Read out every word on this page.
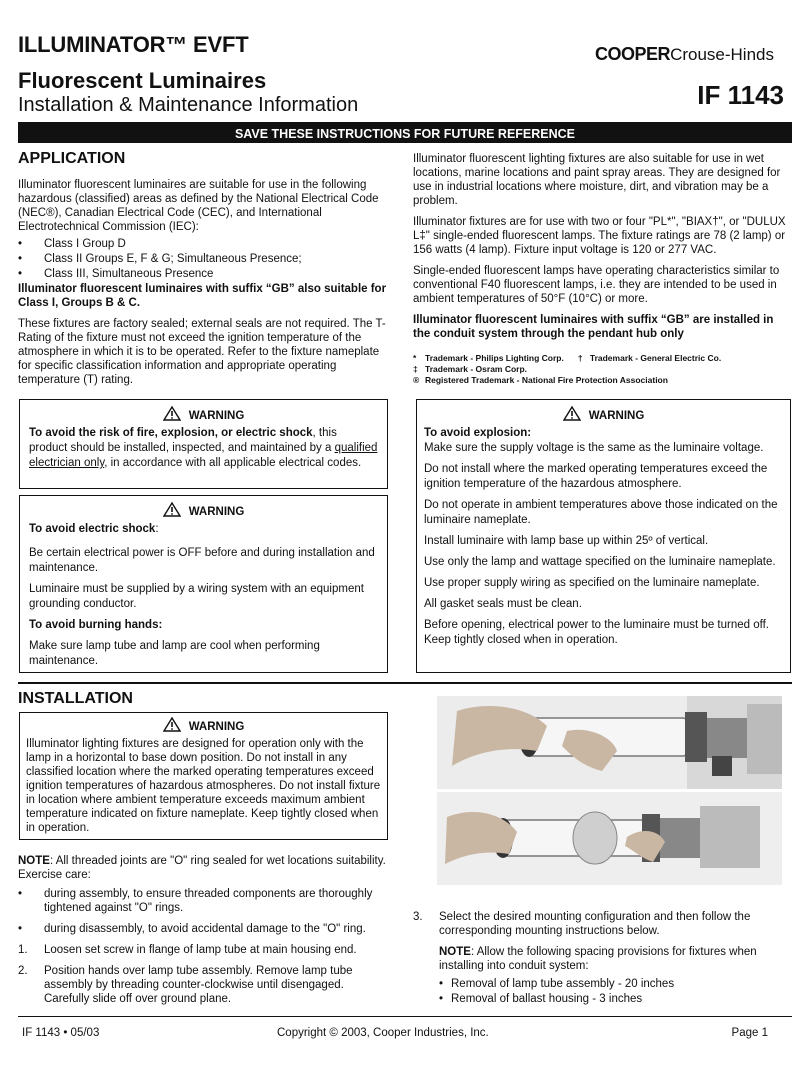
ILLUMINATOR™ EVFT
Fluorescent Luminaires
Installation & Maintenance Information
COOPERCrouse-Hinds
IF 1143
SAVE THESE INSTRUCTIONS FOR FUTURE REFERENCE
APPLICATION

Illuminator fluorescent luminaires are suitable for use in the following hazardous (classified) areas as defined by the National Electrical Code (NEC®), Canadian Electrical Code (CEC), and International Electrotechnical Commission (IEC):

•	Class I Group D
•	Class II Groups E, F & G; Simultaneous Presence;
•	Class III, Simultaneous Presence

Illuminator fluorescent luminaires with suffix “GB” also suitable for Class I, Groups B & C.

These fixtures are factory sealed; external seals are not required. The T-Rating of the fixture must not exceed the ignition temperature of the atmosphere in which it is to be operated. Refer to the fixture nameplate for specific classification information and appropriate operating temperature (T) rating.

Illuminator fluorescent lighting fixtures are also suitable for use in wet locations, marine locations and paint spray areas. They are designed for use in industrial locations where moisture, dirt, and vibration may be a problem.

Illuminator fixtures are for use with two or four "PL*", "BIAX†", or "DULUX L‡" single-ended fluorescent lamps. The fixture ratings are 78 (2 lamp) or 156 watts (4 lamp). Fixture input voltage is 120 or 277 VAC.

Single-ended fluorescent lamps have operating characteristics similar to conventional F40 fluorescent lamps, i.e. they are intended to be used in ambient temperatures of 50°F (10°C) or more.

Illuminator fluorescent luminaires with suffix “GB” are installed in the conduit system through the pendant hub only

* Trademark - Philips Lighting Corp. † Trademark - General Electric Co.
‡ Trademark - Osram Corp.
® Registered Trademark - National Fire Protection Association
WARNING
To avoid the risk of fire, explosion, or electric shock, this product should be installed, inspected, and maintained by a qualified electrician only, in accordance with all applicable electrical codes.
WARNING

To avoid electric shock:

Be certain electrical power is OFF before and during installation and maintenance.

Luminaire must be supplied by a wiring system with an equipment grounding conductor.

To avoid burning hands:

Make sure lamp tube and lamp are cool when performing maintenance.

WARNING

To avoid explosion:

Make sure the supply voltage is the same as the luminaire voltage.

Do not install where the marked operating temperatures exceed the ignition temperature of the hazardous atmosphere.

Do not operate in ambient temperatures above those indicated on the luminaire nameplate.

Install luminaire with lamp base up within 25º of vertical.

Use only the lamp and wattage specified on the luminaire nameplate.

Use proper supply wiring as specified on the luminaire nameplate.

All gasket seals must be clean.

Before opening, electrical power to the luminaire must be turned off. Keep tightly closed when in operation.

INSTALLATION
WARNING
Illuminator lighting fixtures are designed for operation only with the lamp in a horizontal to base down position. Do not install in any classified location where the marked operating temperatures exceed ignition temperatures of hazardous atmospheres. Do not install fixture in location where ambient temperature exceeds maximum ambient temperature indicated on fixture nameplate. Keep tightly closed when in operation.

NOTE: All threaded joints are "O" ring sealed for wet locations suitability. Exercise care:

•	during assembly, to ensure threaded components are thoroughly tightened against "O" rings.
•	during disassembly, to avoid accidental damage to the "O" ring.
1.	Loosen set screw in flange of lamp tube at main housing end.
2.	Position hands over lamp tube assembly. Remove lamp tube assembly by threading counter-clockwise until disengaged. Carefully slide off over ground plane.
3.	Select the desired mounting configuration and then follow the corresponding mounting instructions below.

NOTE: Allow the following spacing provisions for fixtures when installing into conduit system:

• Removal of lamp tube assembly - 20 inches
• Removal of ballast housing - 3 inches
IF 1143 • 05/03	Copyright © 2003, Cooper Industries, Inc.	Page 1
